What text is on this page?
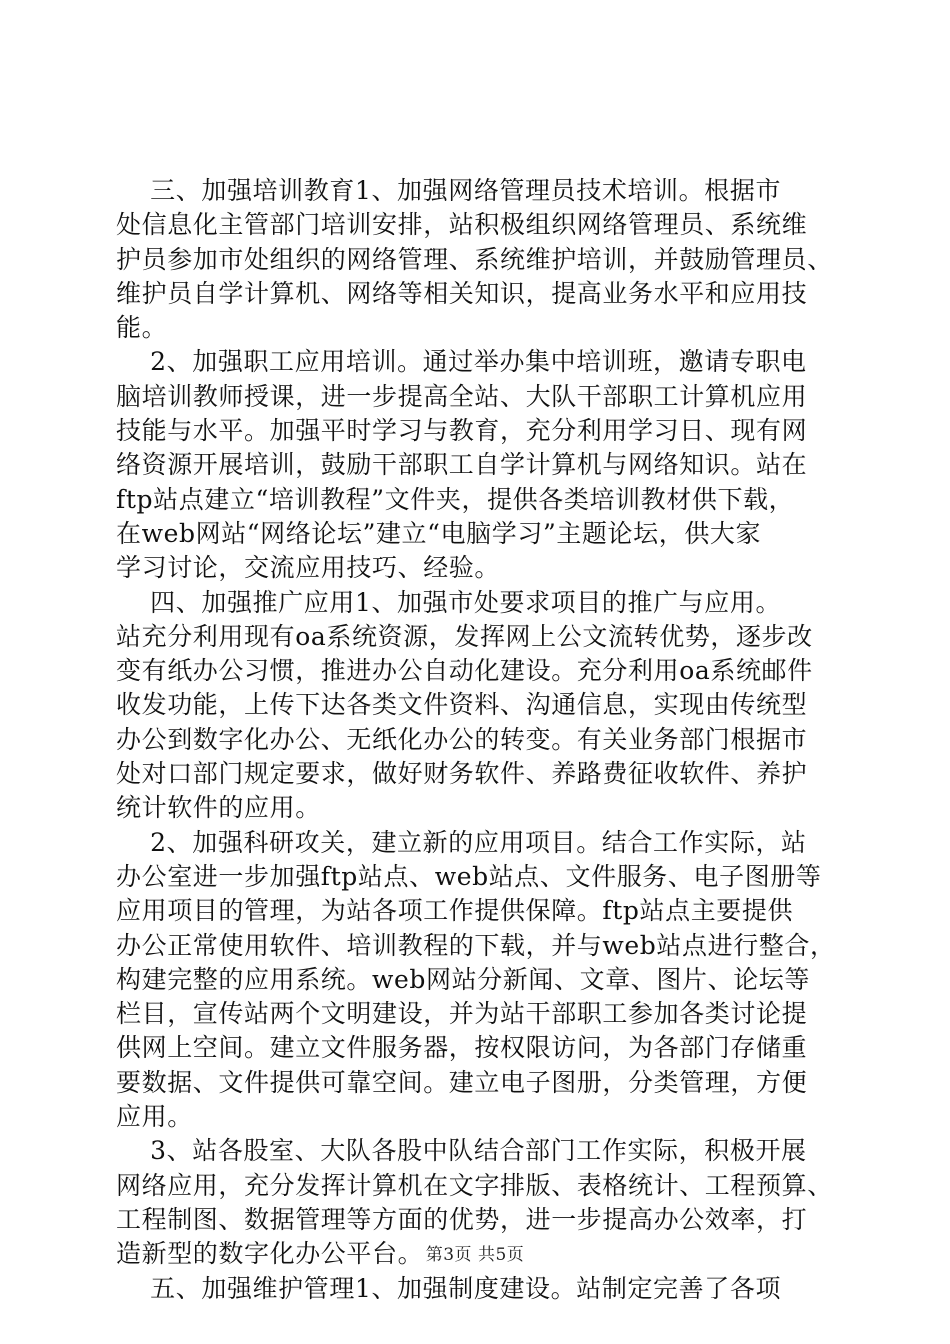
　 三、加强培训教育1、加强网络管理员技术培训。根据市
处信息化主管部门培训安排，站积极组织网络管理员、系统维
护员参加市处组织的网络管理、系统维护培训，并鼓励管理员、
维护员自学计算机、网络等相关知识，提高业务水平和应用技
能。
　 2、加强职工应用培训。通过举办集中培训班，邀请专职电
脑培训教师授课，进一步提高全站、大队干部职工计算机应用
技能与水平。加强平时学习与教育，充分利用学习日、现有网
络资源开展培训，鼓励干部职工自学计算机与网络知识。站在
ftp站点建立“培训教程”文件夹，提供各类培训教材供下载，
在web网站“网络论坛”建立“电脑学习”主题论坛，供大家
学习讨论，交流应用技巧、经验。
　 四、加强推广应用1、加强市处要求项目的推广与应用。
站充分利用现有oa系统资源，发挥网上公文流转优势，逐步改
变有纸办公习惯，推进办公自动化建设。充分利用oa系统邮件
收发功能，上传下达各类文件资料、沟通信息，实现由传统型
办公到数字化办公、无纸化办公的转变。有关业务部门根据市
处对口部门规定要求，做好财务软件、养路费征收软件、养护
统计软件的应用。
　 2、加强科研攻关，建立新的应用项目。结合工作实际，站
办公室进一步加强ftp站点、web站点、文件服务、电子图册等
应用项目的管理，为站各项工作提供保障。ftp站点主要提供
办公正常使用软件、培训教程的下载，并与web站点进行整合，
构建完整的应用系统。web网站分新闻、文章、图片、论坛等
栏目，宣传站两个文明建设，并为站干部职工参加各类讨论提
供网上空间。建立文件服务器，按权限访问，为各部门存储重
要数据、文件提供可靠空间。建立电子图册，分类管理，方便
应用。
　 3、站各股室、大队各股中队结合部门工作实际，积极开展
网络应用，充分发挥计算机在文字排版、表格统计、工程预算、
工程制图、数据管理等方面的优势，进一步提高办公效率，打
造新型的数字化办公平台。
　 五、加强维护管理1、加强制度建设。站制定完善了各项
第3页 共5页
